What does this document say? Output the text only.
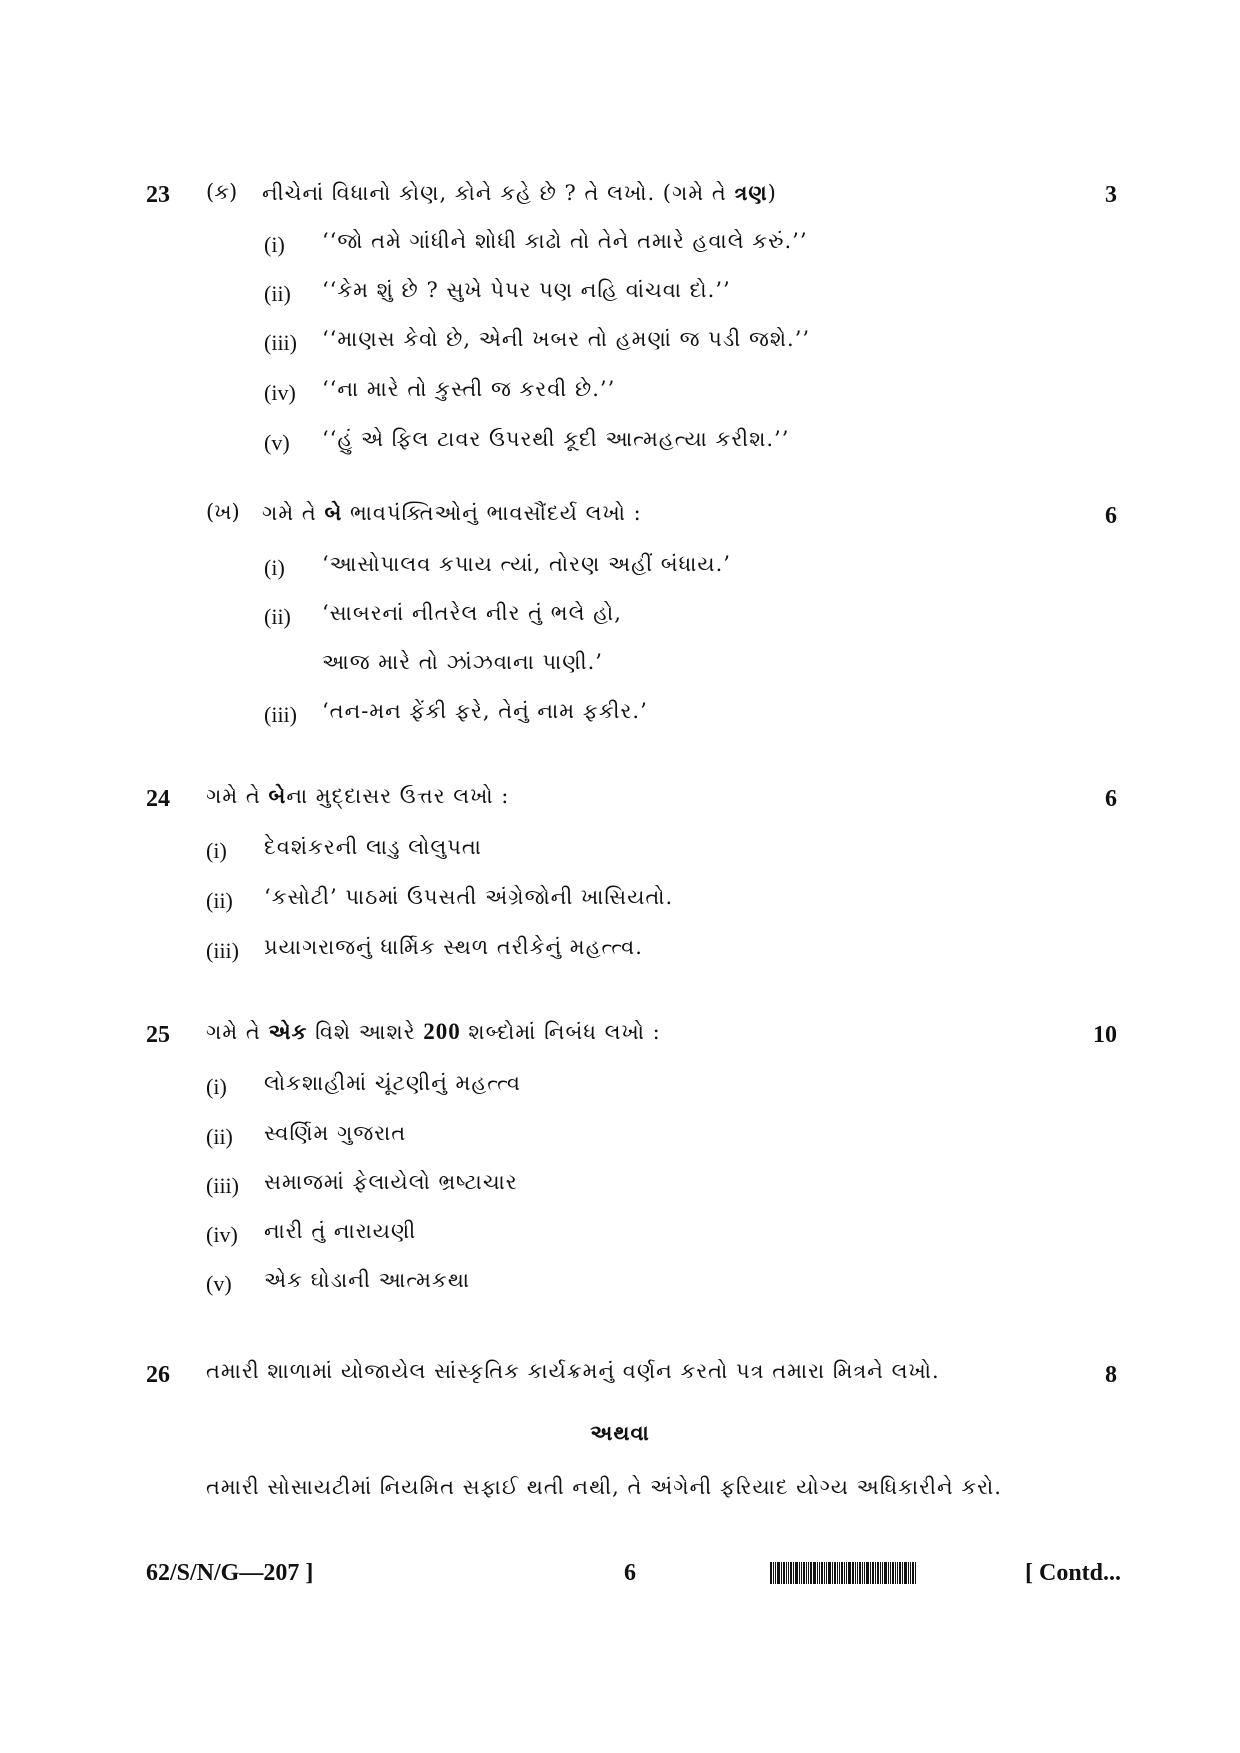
23 (ક) નીચેનાં વિધાનો કોણ, કોને કહે છે ? તે લખો. (ગમે તે ત્રણ)	3
(i) ‘‘જો તમે ગાંધીને શોધી કાઢો તો તેને તમારે હવાલે કરું.’’
(ii) ‘‘કેમ શું છે ? સુખે પેપર પણ નહિ વાંચવા દો.’’
(iii) ‘‘માણસ કેવો છે, એની ખબર તો હમણાં જ પડી જશે.’’
(iv) ‘‘ના મારે તો કુસ્તી જ કરવી છે.’’
(v) ‘‘હું એ ફિલ ટાવર ઉપરથી કૂદી આત્મહત્યા કરીશ.’’
(ખ) ગમે તે બે ભાવપંક્તિઓનું ભાવસૌંદર્ય લખો :	6
(i) ‘આસોપાલવ કપાય ત્યાં, તોરણ અહીં બંધાય.’
(ii) ‘સાબરનાં નીતરેલ નીર તું ભલે હો,
આજ મારે તો ઝાંઝવાના પાણી.’
(iii) ‘તન-મન ફેંકી ફરે, તેનું નામ ફકીર.’
24 ગમે તે બેના મુદ્દાસર ઉત્તર લખો :	6
(i) દેવશંકરની લાડુ લોલુપતા
(ii) ‘કસોટી’ પાઠમાં ઉપસતી અંગ્રેજોની ખાસિયતો.
(iii) પ્રયાગરાજનું ધાર્મિક સ્થળ તરીકેનું મહત્ત્વ.
25 ગમે તે એક વિશે આશરે 200 શબ્દોમાં નિબંધ લખો :	10
(i) લોકશાહીમાં ચૂંટણીનું મહત્ત્વ
(ii) સ્વર્ણિમ ગુજરાત
(iii) સમાજમાં ફેલાયેલો ભ્રષ્ટાચાર
(iv) નારી તું નારાયણી
(v) એક ઘોડાની આત્મકથા
26 તમારી શાળામાં યોજાયેલ સાંસ્કૃતિક કાર્યક્રમનું વર્ણન કરતો પત્ર તમારા મિત્રને લખો.	8
અથવા
તમારી સોસાયટીમાં નિયમિત સફાઈ થતી નથી, તે અંગેની ફરિયાદ યોગ્ય અધિકારીને કરો.
62/S/N/G—207 ]	6	[ Contd...
